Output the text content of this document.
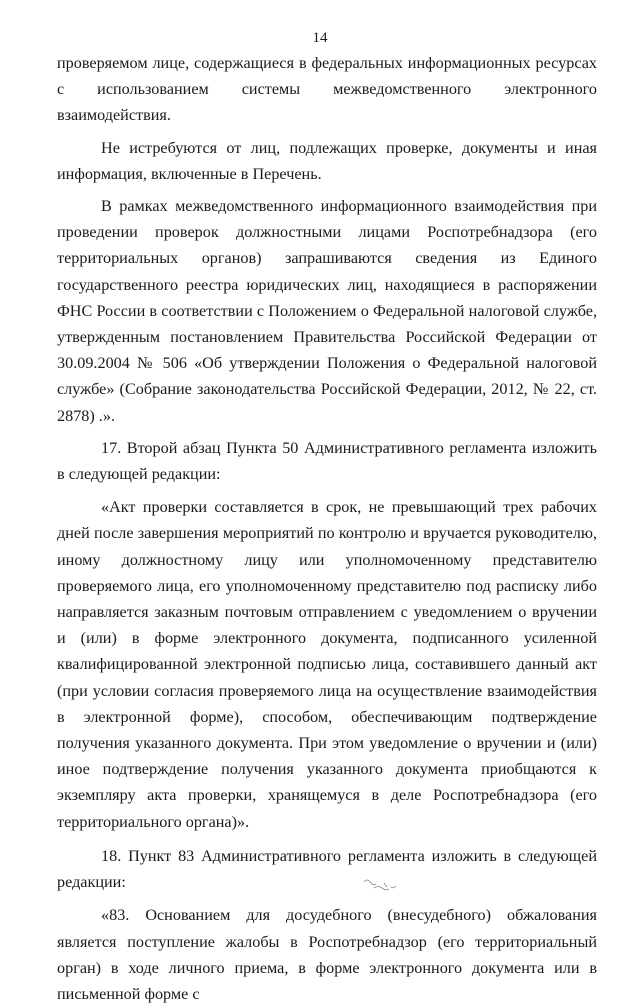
14

проверяемом лице, содержащиеся в федеральных информационных ресурсах с использованием системы межведомственного электронного взаимодействия.

Не истребуются от лиц, подлежащих проверке, документы и иная информация, включенные в Перечень.

В рамках межведомственного информационного взаимодействия при проведении проверок должностными лицами Роспотребнадзора (его территориальных органов) запрашиваются сведения из Единого государственного реестра юридических лиц, находящиеся в распоряжении ФНС России в соответствии с Положением о Федеральной налоговой службе, утвержденным постановлением Правительства Российской Федерации от 30.09.2004 № 506 «Об утверждении Положения о Федеральной налоговой службе» (Собрание законодательства Российской Федерации, 2012, № 22, ст. 2878) .».

17. Второй абзац Пункта 50 Административного регламента изложить в следующей редакции:

«Акт проверки составляется в срок, не превышающий трех рабочих дней после завершения мероприятий по контролю и вручается руководителю, иному должностному лицу или уполномоченному представителю проверяемого лица, его уполномоченному представителю под расписку либо направляется заказным почтовым отправлением с уведомлением о вручении и (или) в форме электронного документа, подписанного усиленной квалифицированной электронной подписью лица, составившего данный акт (при условии согласия проверяемого лица на осуществление взаимодействия в электронной форме), способом, обеспечивающим подтверждение получения указанного документа. При этом уведомление о вручении и (или) иное подтверждение получения указанного документа приобщаются к экземпляру акта проверки, хранящемуся в деле Роспотребнадзора (его территориального органа)».

18. Пункт 83 Административного регламента изложить в следующей редакции:

«83. Основанием для досудебного (внесудебного) обжалования является поступление жалобы в Роспотребнадзор (его территориальный орган) в ходе личного приема, в форме электронного документа или в письменной форме с
